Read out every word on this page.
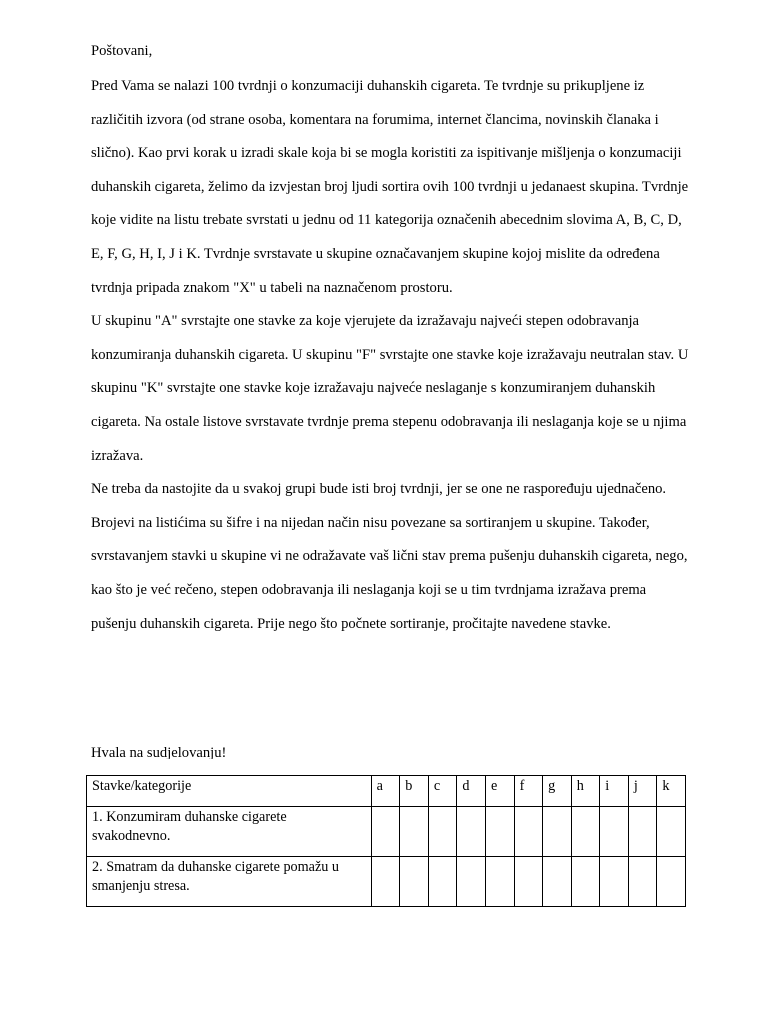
Poštovani,

Pred Vama se nalazi 100 tvrdnji o konzumaciji duhanskih cigareta. Te tvrdnje su prikupljene iz različitih izvora (od strane osoba, komentara na forumima, internet člancima, novinskih članaka i slično). Kao prvi korak u izradi skale koja bi se mogla koristiti za ispitivanje mišljenja o konzumaciji duhanskih cigareta, želimo da izvjestan broj ljudi sortira ovih 100 tvrdnji u jedanaest skupina. Tvrdnje koje vidite na listu trebate svrstati u jednu od 11 kategorija označenih abecednim slovima A, B, C, D, E, F, G, H, I, J i K. Tvrdnje svrstavate u skupine označavanjem skupine kojoj mislite da određena tvrdnja pripada znakom "X" u tabeli na naznačenom prostoru.

U skupinu "A" svrstajte one stavke za koje vjerujete da izražavaju najveći stepen odobravanja konzumiranja duhanskih cigareta. U skupinu "F" svrstajte one stavke koje izražavaju neutralan stav. U skupinu "K" svrstajte one stavke koje izražavaju najveće neslaganje s konzumiranjem duhanskih cigareta. Na ostale listove svrstavate tvrdnje prema stepenu odobravanja ili neslaganja koje se u njima izražava.

Ne treba da nastojite da u svakoj grupi bude isti broj tvrdnji, jer se one ne raspoređuju ujednačeno. Brojevi na listićima su šifre i na nijedan način nisu povezane sa sortiranjem u skupine. Također, svrstavanjem stavki u skupine vi ne odražavate vaš lični stav prema pušenju duhanskih cigareta, nego, kao što je već rečeno, stepen odobravanja ili neslaganja koji se u tim tvrdnjama izražava prema pušenju duhanskih cigareta. Prije nego što počnete sortiranje, pročitajte navedene stavke.

Hvala na sudjelovanju!
Stavke/kategorije	a	b	c	d	e	f	g	h	i	j	k
1. Konzumiram duhanske cigarete svakodnevno.											
2. Smatram da duhanske cigarete pomažu u smanjenju stresa.											
